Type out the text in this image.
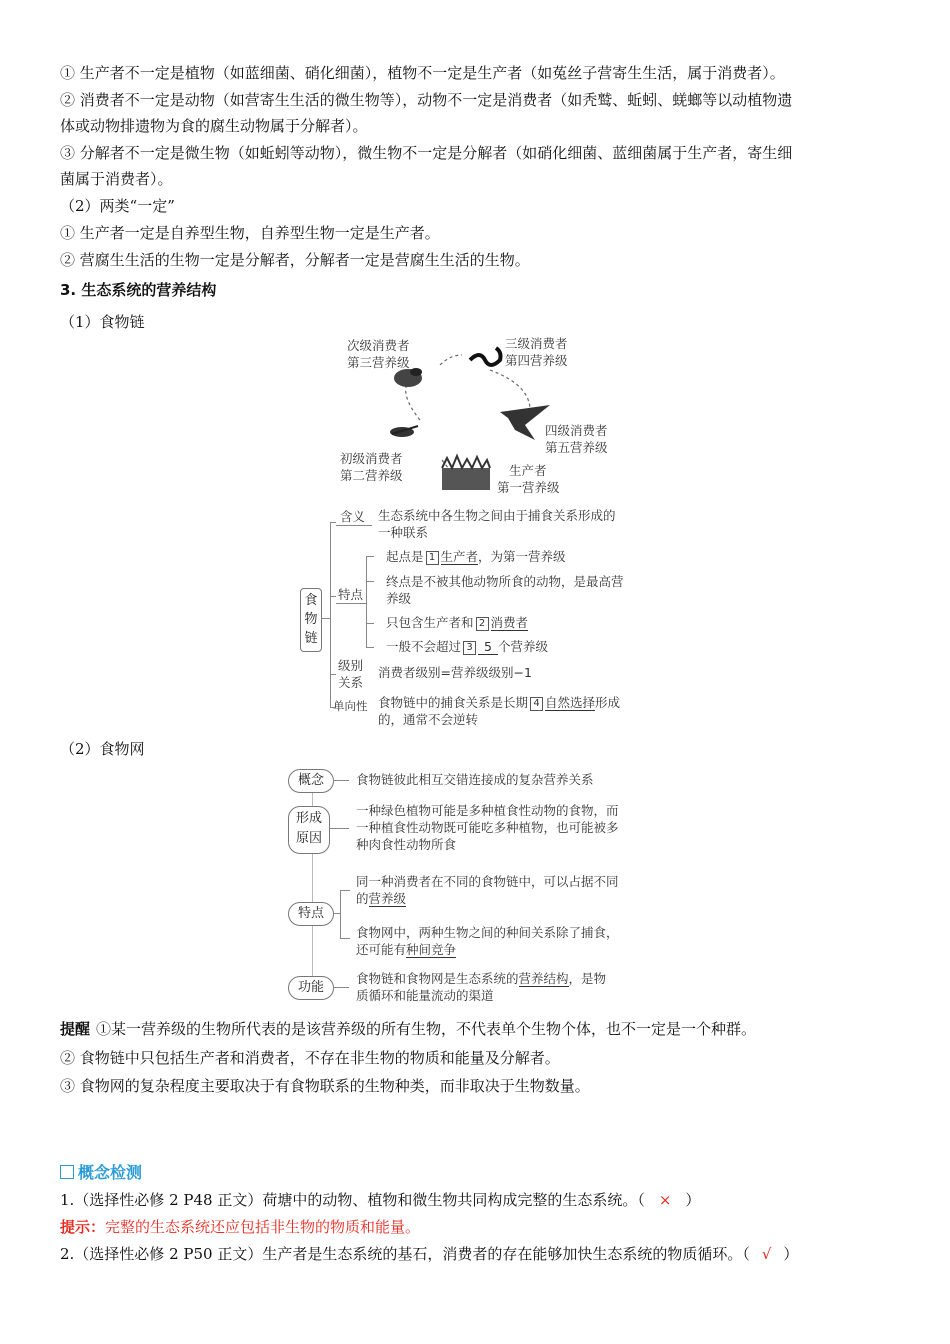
① 生产者不一定是植物（如蓝细菌、硝化细菌），植物不一定是生产者（如菟丝子营寄生生活，属于消费者）。
② 消费者不一定是动物（如营寄生生活的微生物等），动物不一定是消费者（如秃鹫、蚯蚓、蜣螂等以动植物遗
体或动物排遗物为食的腐生动物属于分解者）。
③ 分解者不一定是微生物（如蚯蚓等动物），微生物不一定是分解者（如硝化细菌、蓝细菌属于生产者，寄生细
菌属于消费者）。
（2）两类“一定”
① 生产者一定是自养型生物，自养型生物一定是生产者。
② 营腐生生活的生物一定是分解者，分解者一定是营腐生生活的生物。
3. 生态系统的营养结构
（1）食物链
次级消费者
第三营养级
三级消费者
第四营养级
四级消费者
第五营养级
初级消费者
第二营养级	生产者
第一营养级
食物链
含义 生态系统中各生物之间由于捕食关系形成的
一种联系
特点
起点是 1 生产者，为第一营养级
终点是不被其他动物所食的动物，是最高营
养级
只包含生产者和 2 消费者
一般不会超过 3 5 个营养级
级别
关系
消费者级别=营养级级别−1
单向性 食物链中的捕食关系是长期 4 自然选择形成
的，通常不会逆转
（2）食物网
概念	食物链彼此相互交错连接成的复杂营养关系
形成
原因
一种绿色植物可能是多种植食性动物的食物，而
一种植食性动物既可能吃多种植物，也可能被多
种肉食性动物所食
特点
同一种消费者在不同的食物链中，可以占据不同
的营养级
食物网中，两种生物之间的种间关系除了捕食，
还可能有种间竞争
功能
食物链和食物网是生态系统的营养结构，是物
质循环和能量流动的渠道
提醒 ①某一营养级的生物所代表的是该营养级的所有生物，不代表单个生物个体，也不一定是一个种群。
② 食物链中只包括生产者和消费者，不存在非生物的物质和能量及分解者。
③ 食物网的复杂程度主要取决于有食物联系的生物种类，而非取决于生物数量。
概念检测
1.（选择性必修 2 P48 正文）荷塘中的动物、植物和微生物共同构成完整的生态系统。（ × ）
提示：完整的生态系统还应包括非生物的物质和能量。
2.（选择性必修 2 P50 正文）生产者是生态系统的基石，消费者的存在能够加快生态系统的物质循环。（ √ ）
